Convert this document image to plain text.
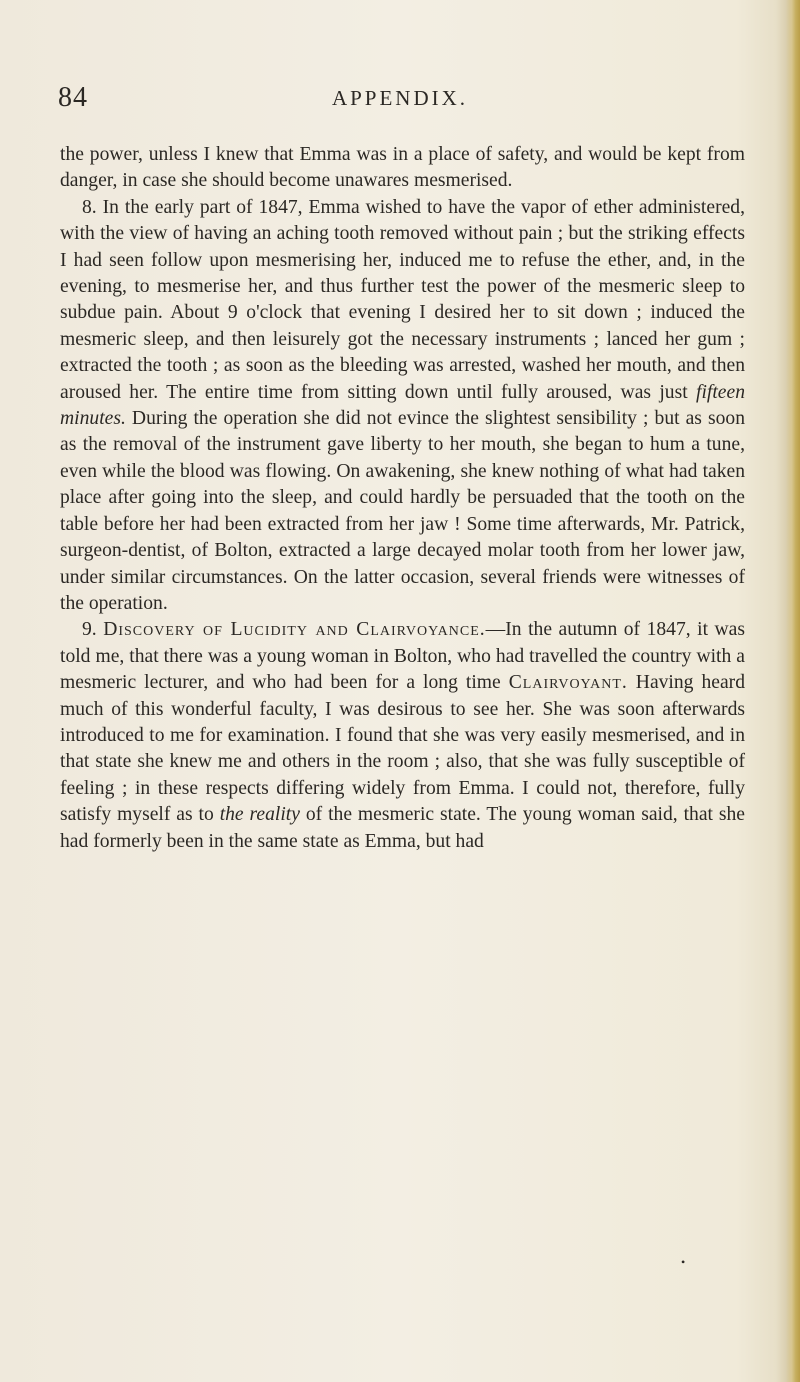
84	APPENDIX.

the power, unless I knew that Emma was in a place of safety, and would be kept from danger, in case she should become unawares mesmerised.

8. In the early part of 1847, Emma wished to have the vapor of ether administered, with the view of having an aching tooth removed without pain ; but the striking effects I had seen follow upon mesmerising her, induced me to refuse the ether, and, in the evening, to mesmerise her, and thus further test the power of the mesmeric sleep to subdue pain. About 9 o'clock that evening I desired her to sit down ; induced the mesmeric sleep, and then leisurely got the necessary instruments ; lanced her gum ; extracted the tooth ; as soon as the bleeding was arrested, washed her mouth, and then aroused her. The entire time from sitting down until fully aroused, was just fifteen minutes. During the operation she did not evince the slightest sensibility ; but as soon as the removal of the instrument gave liberty to her mouth, she began to hum a tune, even while the blood was flowing. On awakening, she knew nothing of what had taken place after going into the sleep, and could hardly be persuaded that the tooth on the table before her had been extracted from her jaw ! Some time afterwards, Mr. Patrick, surgeon-dentist, of Bolton, extracted a large decayed molar tooth from her lower jaw, under similar circumstances. On the latter occasion, several friends were witnesses of the operation.

9. Discovery of Lucidity and Clairvoyance.—In the autumn of 1847, it was told me, that there was a young woman in Bolton, who had travelled the country with a mesmeric lecturer, and who had been for a long time Clairvoyant. Having heard much of this wonderful faculty, I was desirous to see her. She was soon afterwards introduced to me for examination. I found that she was very easily mesmerised, and in that state she knew me and others in the room ; also, that she was fully susceptible of feeling ; in these respects differing widely from Emma. I could not, therefore, fully satisfy myself as to the reality of the mesmeric state. The young woman said, that she had formerly been in the same state as Emma, but had

•
